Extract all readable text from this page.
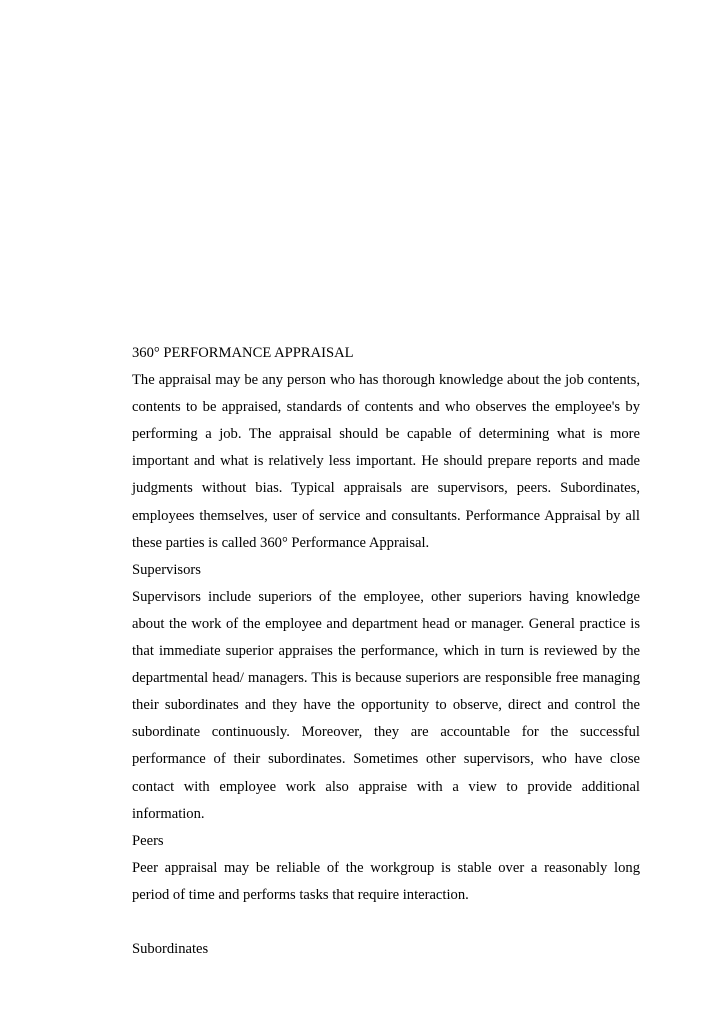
360° PERFORMANCE APPRAISAL

The appraisal may be any person who has thorough knowledge about the job contents, contents to be appraised, standards of contents and who observes the employee's by performing a job. The appraisal should be capable of determining what is more important and what is relatively less important. He should prepare reports and made judgments without bias. Typical appraisals are supervisors, peers. Subordinates, employees themselves, user of service and consultants. Performance Appraisal by all these parties is called 360° Performance Appraisal.

Supervisors

Supervisors include superiors of the employee, other superiors having knowledge about the work of the employee and department head or manager. General practice is that immediate superior appraises the performance, which in turn is reviewed by the departmental head/ managers. This is because superiors are responsible free managing their subordinates and they have the opportunity to observe, direct and control the subordinate continuously. Moreover, they are accountable for the successful performance of their subordinates. Sometimes other supervisors, who have close contact with employee work also appraise with a view to provide additional information.

Peers

Peer appraisal may be reliable of the workgroup is stable over a reasonably long period of time and performs tasks that require interaction.

Subordinates
